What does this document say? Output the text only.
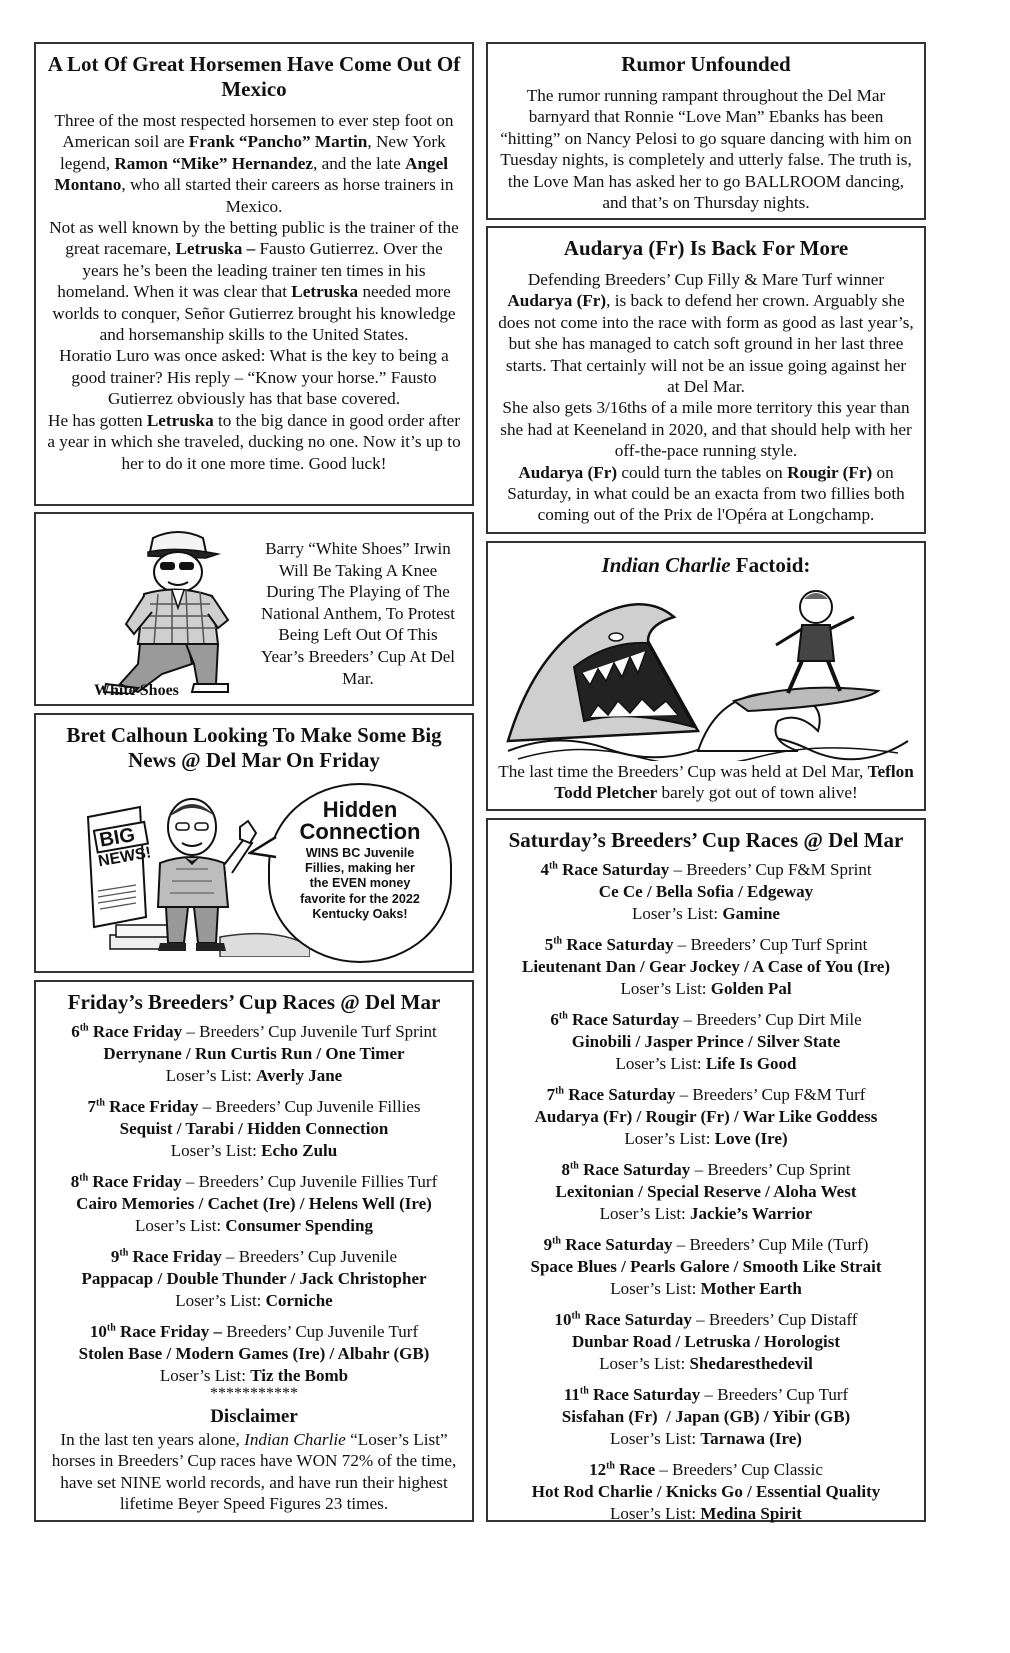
A Lot Of Great Horsemen Have Come Out Of Mexico
Three of the most respected horsemen to ever step foot on American soil are Frank “Pancho” Martin, New York legend, Ramon “Mike” Hernandez, and the late Angel Montano, who all started their careers as horse trainers in Mexico.
Not as well known by the betting public is the trainer of the great racemare, Letruska – Fausto Gutierrez. Over the years he’s been the leading trainer ten times in his homeland. When it was clear that Letruska needed more worlds to conquer, Señor Gutierrez brought his knowledge and horsemanship skills to the United States.
Horatio Luro was once asked: What is the key to being a good trainer? His reply – “Know your horse.” Fausto Gutierrez obviously has that base covered.
He has gotten Letruska to the big dance in good order after a year in which she traveled, ducking no one. Now it’s up to her to do it one more time. Good luck!
Barry “White Shoes” Irwin Will Be Taking A Knee During The Playing of The National Anthem, To Protest Being Left Out Of This Year’s Breeders’ Cup At Del Mar.
White Shoes
Bret Calhoun Looking To Make Some Big News @ Del Mar On Friday
BIG
NEWS!
Hidden
Connection
WINS BC Juvenile Fillies, making her the EVEN money favorite for the 2022 Kentucky Oaks!
Friday’s Breeders’ Cup Races @ Del Mar
6th Race Friday – Breeders’ Cup Juvenile Turf Sprint
Derrynane / Run Curtis Run / One Timer
Loser’s List: Averly Jane
7th Race Friday – Breeders’ Cup Juvenile Fillies
Sequist / Tarabi / Hidden Connection
Loser’s List: Echo Zulu
8th Race Friday – Breeders’ Cup Juvenile Fillies Turf
Cairo Memories / Cachet (Ire) / Helens Well (Ire)
Loser’s List: Consumer Spending
9th Race Friday – Breeders’ Cup Juvenile
Pappacap / Double Thunder / Jack Christopher
Loser’s List: Corniche
10th Race Friday – Breeders’ Cup Juvenile Turf
Stolen Base / Modern Games (Ire) / Albahr (GB)
Loser’s List: Tiz the Bomb
***********
Disclaimer
In the last ten years alone, Indian Charlie “Loser’s List” horses in Breeders’ Cup races have WON 72% of the time, have set NINE world records, and have run their highest lifetime Beyer Speed Figures 23 times.
Rumor Unfounded
The rumor running rampant throughout the Del Mar barnyard that Ronnie “Love Man” Ebanks has been “hitting” on Nancy Pelosi to go square dancing with him on Tuesday nights, is completely and utterly false. The truth is, the Love Man has asked her to go BALLROOM dancing, and that’s on Thursday nights.
Audarya (Fr) Is Back For More
Defending Breeders’ Cup Filly & Mare Turf winner Audarya (Fr), is back to defend her crown. Arguably she does not come into the race with form as good as last year’s, but she has managed to catch soft ground in her last three starts. That certainly will not be an issue going against her at Del Mar.
She also gets 3/16ths of a mile more territory this year than she had at Keeneland in 2020, and that should help with her off-the-pace running style.
Audarya (Fr) could turn the tables on Rougir (Fr) on Saturday, in what could be an exacta from two fillies both coming out of the Prix de l'Opéra at Longchamp.
Indian Charlie Factoid:
The last time the Breeders’ Cup was held at Del Mar, Teflon Todd Pletcher barely got out of town alive!
Saturday’s Breeders’ Cup Races @ Del Mar
4th Race Saturday – Breeders’ Cup F&M Sprint
Ce Ce / Bella Sofia / Edgeway
Loser’s List: Gamine
5th Race Saturday – Breeders’ Cup Turf Sprint
Lieutenant Dan / Gear Jockey / A Case of You (Ire)
Loser’s List: Golden Pal
6th Race Saturday – Breeders’ Cup Dirt Mile
Ginobili / Jasper Prince / Silver State
Loser’s List: Life Is Good
7th Race Saturday – Breeders’ Cup F&M Turf
Audarya (Fr) / Rougir (Fr) / War Like Goddess
Loser’s List: Love (Ire)
8th Race Saturday – Breeders’ Cup Sprint
Lexitonian / Special Reserve / Aloha West
Loser’s List: Jackie’s Warrior
9th Race Saturday – Breeders’ Cup Mile (Turf)
Space Blues / Pearls Galore / Smooth Like Strait
Loser’s List: Mother Earth
10th Race Saturday – Breeders’ Cup Distaff
Dunbar Road / Letruska / Horologist
Loser’s List: Shedaresthedevil
11th Race Saturday – Breeders’ Cup Turf
Sisfahan (Fr)  / Japan (GB) / Yibir (GB)
Loser’s List: Tarnawa (Ire)
12th Race – Breeders’ Cup Classic
Hot Rod Charlie / Knicks Go / Essential Quality
Loser’s List: Medina Spirit
